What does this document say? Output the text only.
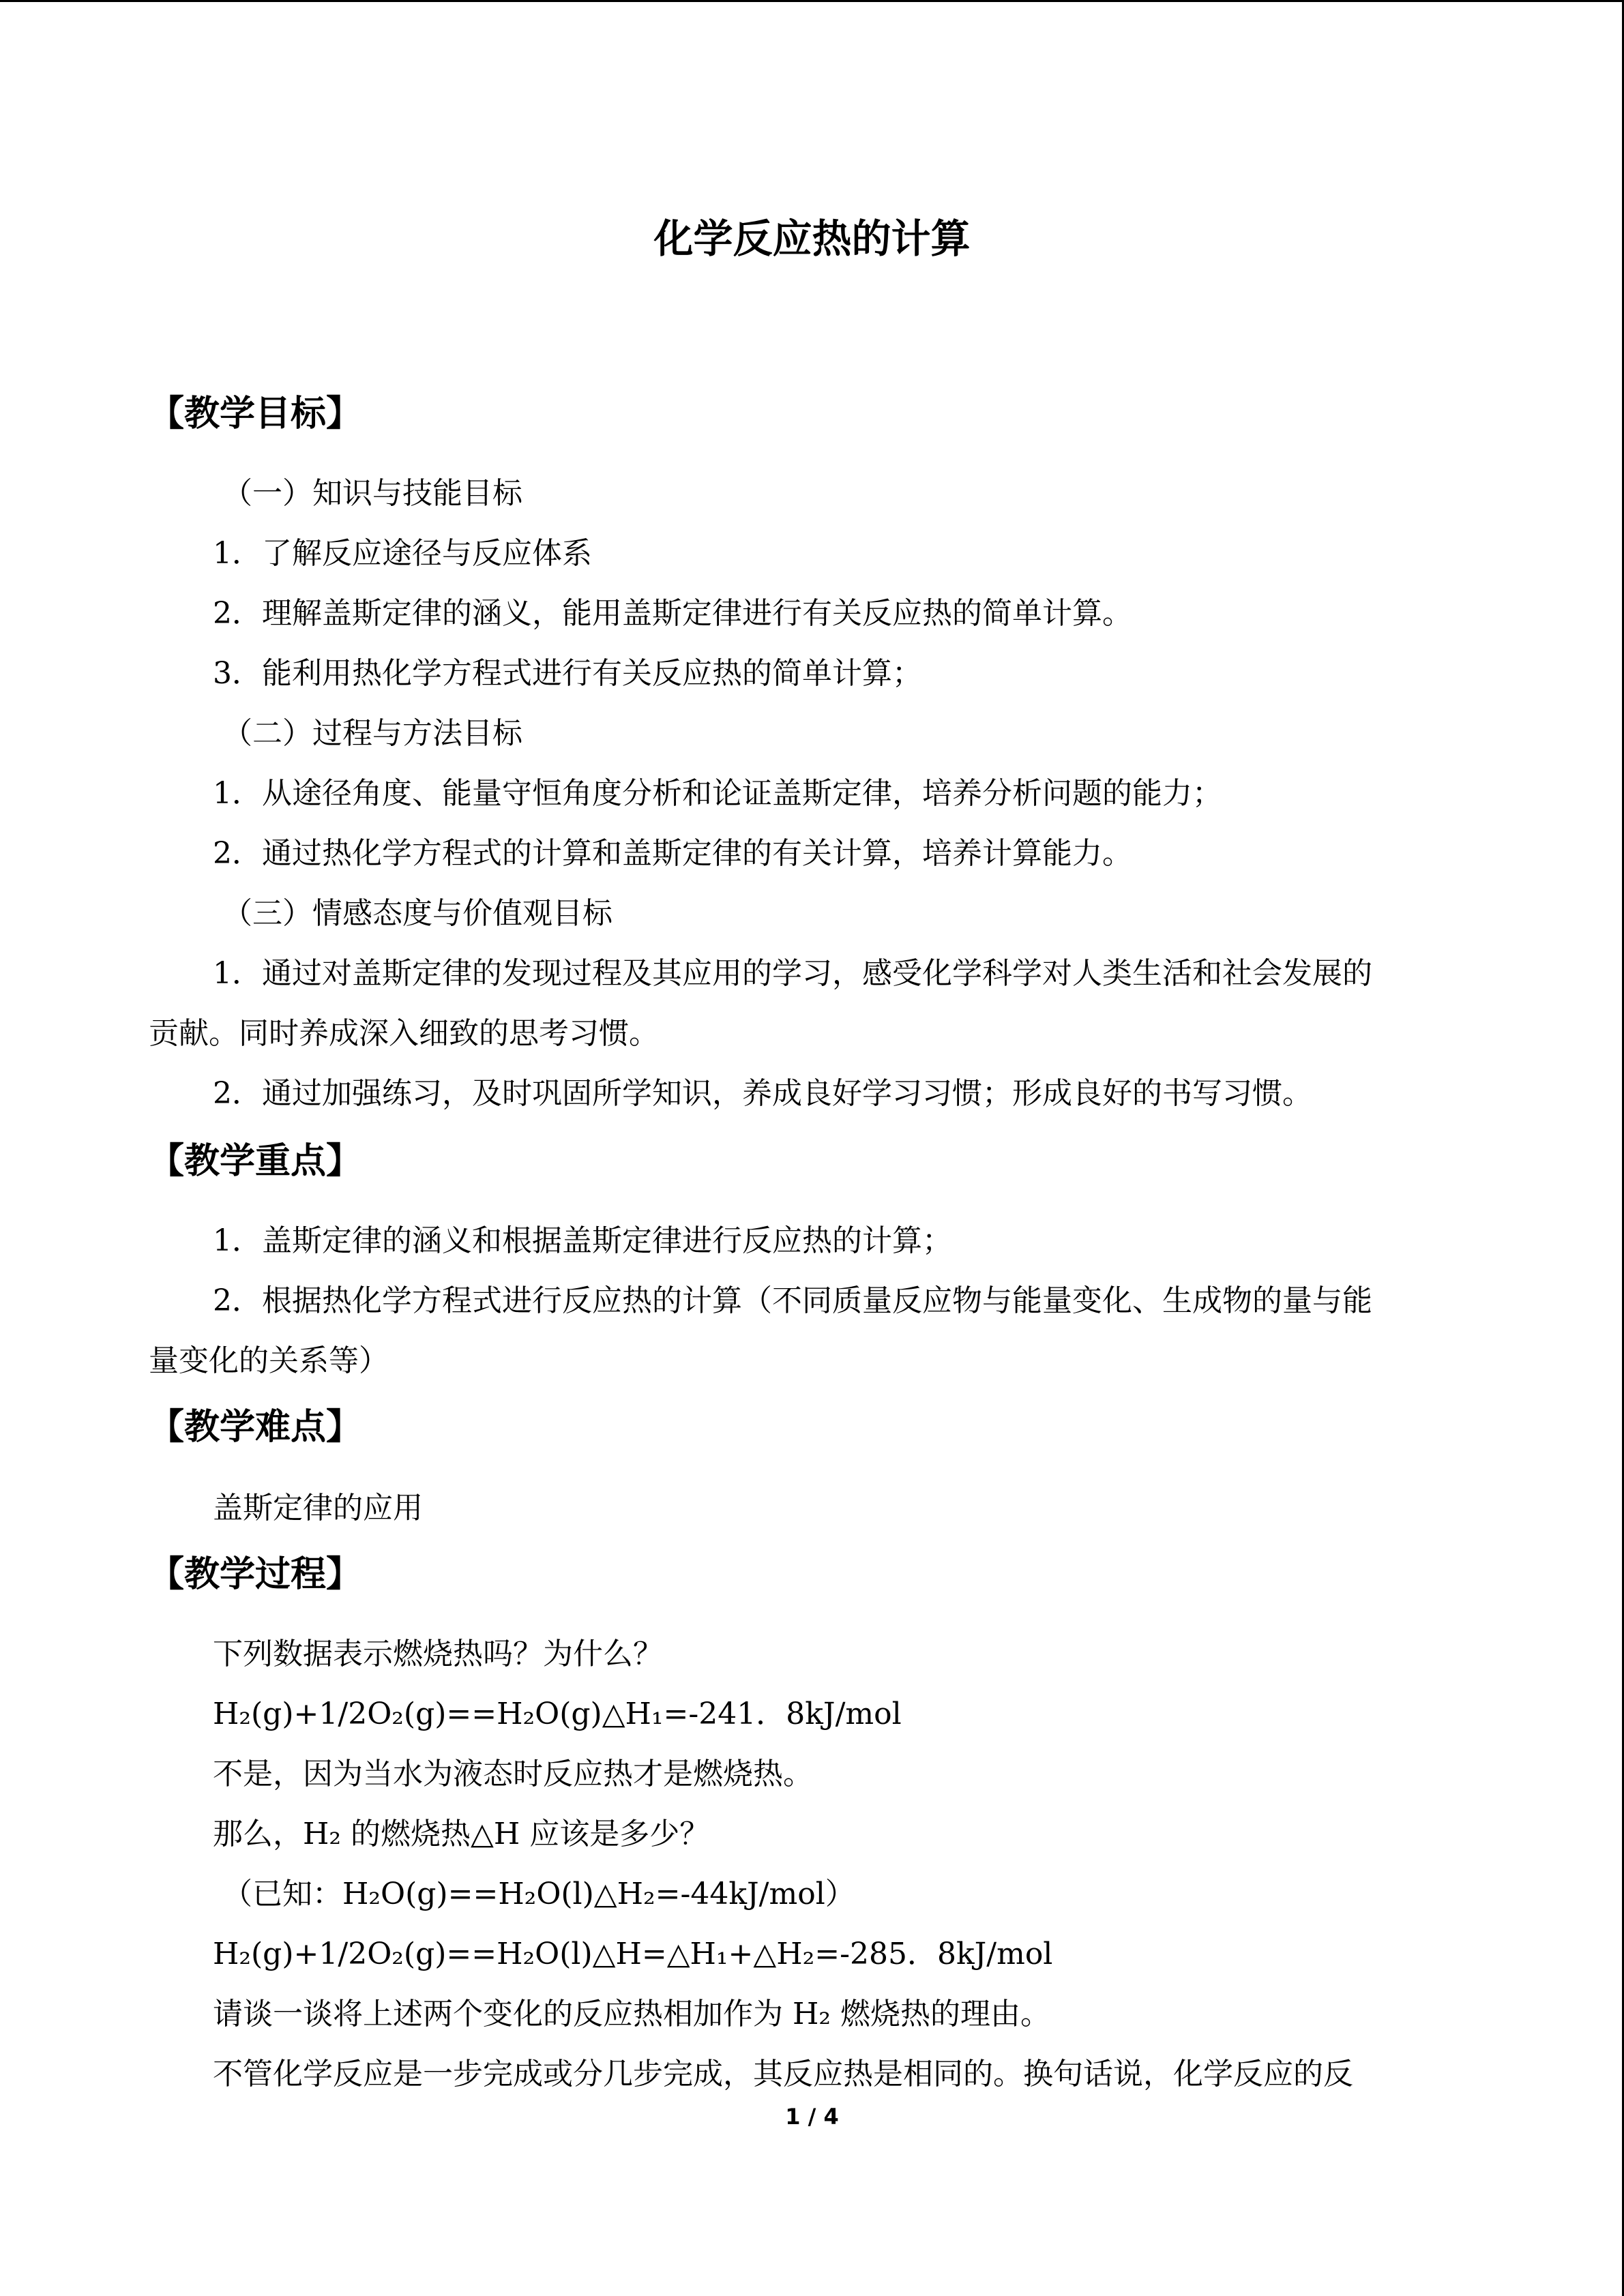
化学反应热的计算
【教学目标】
（一）知识与技能目标
1．了解反应途径与反应体系
2．理解盖斯定律的涵义，能用盖斯定律进行有关反应热的简单计算。
3．能利用热化学方程式进行有关反应热的简单计算；
（二）过程与方法目标
1．从途径角度、能量守恒角度分析和论证盖斯定律，培养分析问题的能力；
2．通过热化学方程式的计算和盖斯定律的有关计算，培养计算能力。
（三）情感态度与价值观目标
1．通过对盖斯定律的发现过程及其应用的学习，感受化学科学对人类生活和社会发展的
贡献。同时养成深入细致的思考习惯。
2．通过加强练习，及时巩固所学知识，养成良好学习习惯；形成良好的书写习惯。
【教学重点】
1．盖斯定律的涵义和根据盖斯定律进行反应热的计算；
2．根据热化学方程式进行反应热的计算（不同质量反应物与能量变化、生成物的量与能
量变化的关系等）
【教学难点】
盖斯定律的应用
【教学过程】
下列数据表示燃烧热吗？为什么？
H₂(g)+1/2O₂(g)==H₂O(g)△H₁=-241．8kJ/mol
不是，因为当水为液态时反应热才是燃烧热。
那么，H₂ 的燃烧热△H 应该是多少？
（已知：H₂O(g)==H₂O(l)△H₂=-44kJ/mol）
H₂(g)+1/2O₂(g)==H₂O(l)△H=△H₁+△H₂=-285．8kJ/mol
请谈一谈将上述两个变化的反应热相加作为 H₂ 燃烧热的理由。
不管化学反应是一步完成或分几步完成，其反应热是相同的。换句话说，化学反应的反
1 / 4
